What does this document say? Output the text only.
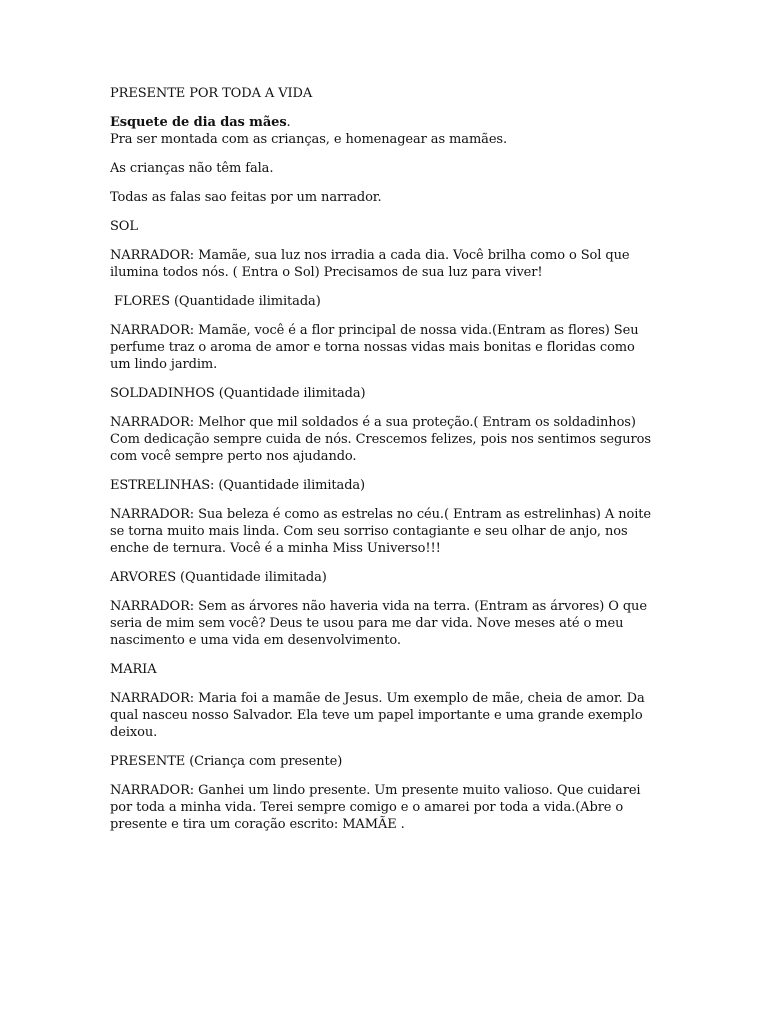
PRESENTE POR TODA A VIDA

Esquete de dia das mães.
Pra ser montada com as crianças, e homenagear as mamães.

As crianças não têm fala.

Todas as falas sao feitas por um narrador.

SOL

NARRADOR: Mamãe, sua luz nos irradia a cada dia. Você brilha como o Sol que ilumina todos nós. ( Entra o Sol) Precisamos de sua luz para viver!

FLORES (Quantidade ilimitada)

NARRADOR: Mamãe, você é a flor principal de nossa vida.(Entram as flores) Seu perfume traz o aroma de amor e torna nossas vidas mais bonitas e floridas como um lindo jardim.

SOLDADINHOS (Quantidade ilimitada)

NARRADOR: Melhor que mil soldados é a sua proteção.( Entram os soldadinhos) Com dedicação sempre cuida de nós. Crescemos felizes, pois nos sentimos seguros com você sempre perto nos ajudando.

ESTRELINHAS: (Quantidade ilimitada)

NARRADOR: Sua beleza é como as estrelas no céu.( Entram as estrelinhas) A noite se torna muito mais linda. Com seu sorriso contagiante e seu olhar de anjo, nos enche de ternura. Você é a minha Miss Universo!!!

ARVORES (Quantidade ilimitada)

NARRADOR: Sem as árvores não haveria vida na terra. (Entram as árvores) O que seria de mim sem você? Deus te usou para me dar vida. Nove meses até o meu nascimento e uma vida em desenvolvimento.

MARIA

NARRADOR: Maria foi a mamãe de Jesus. Um exemplo de mãe, cheia de amor. Da qual nasceu nosso Salvador. Ela teve um papel importante e uma grande exemplo deixou.

PRESENTE (Criança com presente)

NARRADOR: Ganhei um lindo presente. Um presente muito valioso. Que cuidarei por toda a minha vida. Terei sempre comigo e o amarei por toda a vida.(Abre o presente e tira um coração escrito: MAMÃE .
